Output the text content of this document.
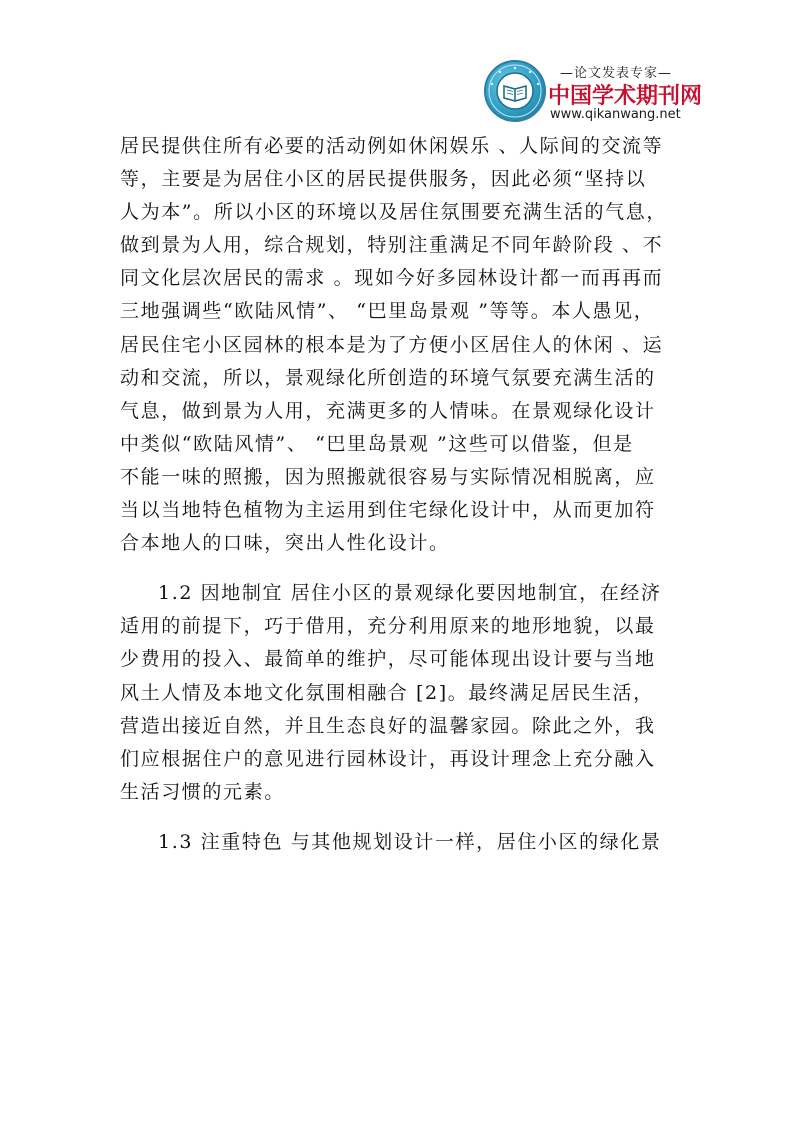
—论文发表专家—
中国学术期刊网
www.qikanwang.net
居民提供住所有必要的活动例如休闲娱乐 、人际间的交流等
等，主要是为居住小区的居民提供服务，因此必须“坚持以
人为本”。所以小区的环境以及居住氛围要充满生活的气息，
做到景为人用，综合规划，特别注重满足不同年龄阶段 、不
同文化层次居民的需求 。现如今好多园林设计都一而再再而
三地强调些“欧陆风情”、 “巴里岛景观 ”等等。本人愚见，
居民住宅小区园林的根本是为了方便小区居住人的休闲 、运
动和交流，所以，景观绿化所创造的环境气氛要充满生活的
气息，做到景为人用，充满更多的人情味。在景观绿化设计
中类似“欧陆风情”、 “巴里岛景观 ”这些可以借鉴，但是
不能一味的照搬，因为照搬就很容易与实际情况相脱离，应
当以当地特色植物为主运用到住宅绿化设计中，从而更加符
合本地人的口味，突出人性化设计。
1.2 因地制宜 居住小区的景观绿化要因地制宜，在经济
适用的前提下，巧于借用，充分利用原来的地形地貌，以最
少费用的投入、最简单的维护，尽可能体现出设计要与当地
风土人情及本地文化氛围相融合 [2]。最终满足居民生活，
营造出接近自然，并且生态良好的温馨家园。除此之外，我
们应根据住户的意见进行园林设计，再设计理念上充分融入
生活习惯的元素。
1.3 注重特色 与其他规划设计一样，居住小区的绿化景
